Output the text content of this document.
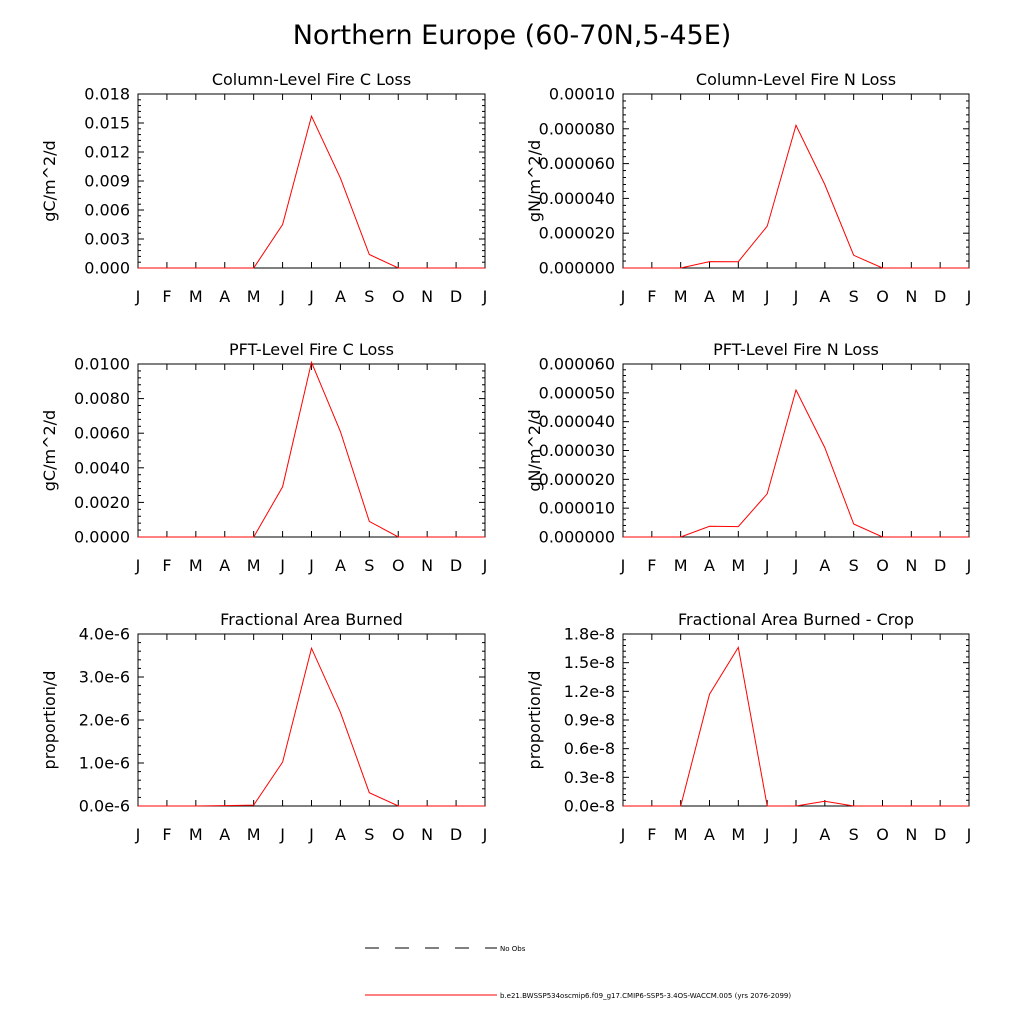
Northern Europe (60-70N,5-45E)
Column-Level Fire C Loss
gC/m^2/d
0.000
0.003
0.006
0.009
0.012
0.015
0.018
J F M A M J J A S O N D J
Column-Level Fire N Loss
gN/m^2/d
0.000000
0.000020
0.000040
0.000060
0.000080
0.00010
J F M A M J J A S O N D J
PFT-Level Fire C Loss
gC/m^2/d
0.0000
0.0020
0.0040
0.0060
0.0080
0.0100
J F M A M J J A S O N D J
PFT-Level Fire N Loss
gN/m^2/d
0.000000
0.000010
0.000020
0.000030
0.000040
0.000050
0.000060
J F M A M J J A S O N D J
Fractional Area Burned
proportion/d
0.0e-6
1.0e-6
2.0e-6
3.0e-6
4.0e-6
J F M A M J J A S O N D J
Fractional Area Burned - Crop
proportion/d
0.0e-8
0.3e-8
0.6e-8
0.9e-8
1.2e-8
1.5e-8
1.8e-8
J F M A M J J A S O N D J
No Obs
b.e21.BWSSP534oscmip6.f09_g17.CMIP6-SSP5-3.4OS-WACCM.005 (yrs 2076-2099)
